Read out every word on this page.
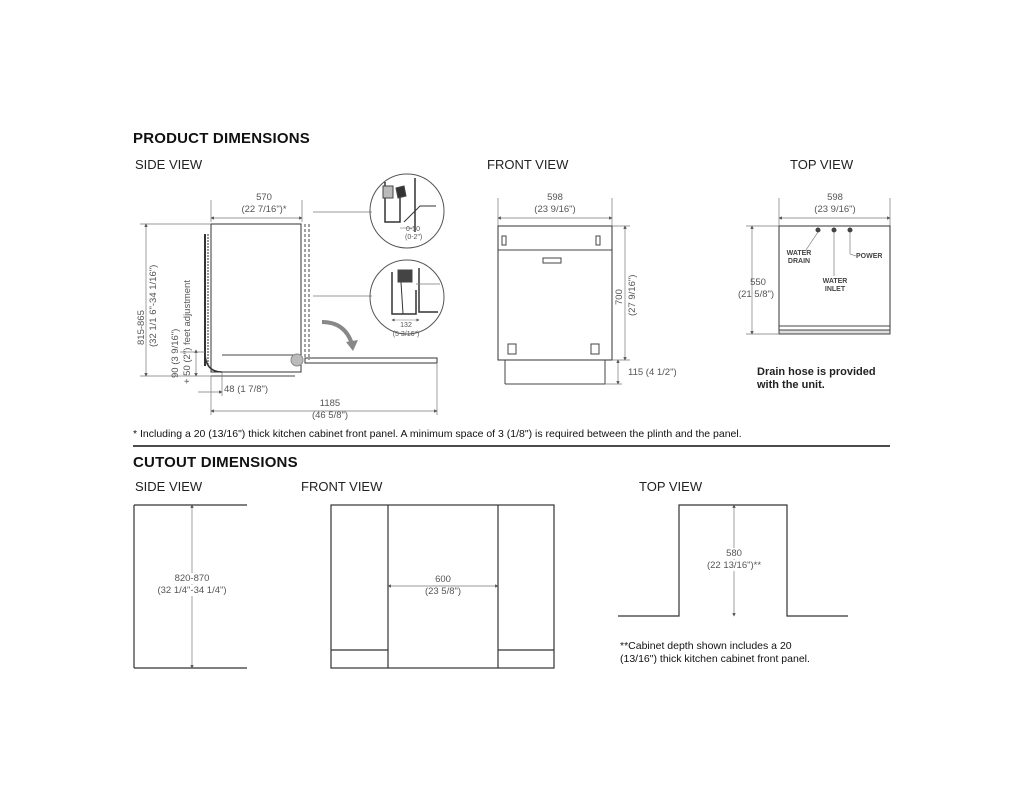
PRODUCT DIMENSIONS
SIDE VIEW	FRONT VIEW	TOP VIEW
570
(22 7/16")*
815-865 (32 1/1 6"-34 1/16")
90 (3 9/16") + 50 (2") feet adjustment
48 (1 7/8")
1185
(46 5/8")
0-50
(0-2")
132
(5 3/16")
598
(23 9/16")
700 (27 9/16")
115 (4 1/2")
598
(23 9/16")
550
(21 5/8")
WATER
DRAIN
WATER
INLET
POWER
Drain hose is provided
with the unit.
* Including a 20 (13/16") thick kitchen cabinet front panel. A minimum space of 3 (1/8") is required between the plinth and the panel.
CUTOUT DIMENSIONS
SIDE VIEW	FRONT VIEW	TOP VIEW
820-870
(32 1/4"-34 1/4")
600
(23 5/8")
580
(22 13/16")**
**Cabinet depth shown includes a 20
(13/16") thick kitchen cabinet front panel.
